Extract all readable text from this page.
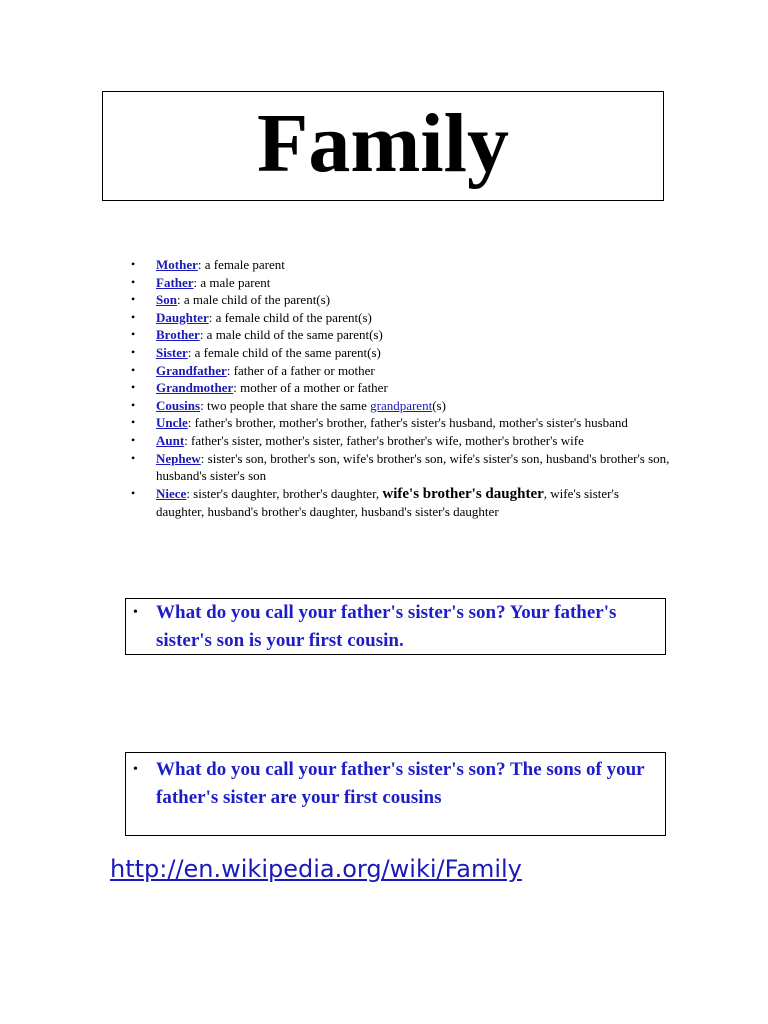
Family
• Mother: a female parent
• Father: a male parent
• Son: a male child of the parent(s)
• Daughter: a female child of the parent(s)
• Brother: a male child of the same parent(s)
• Sister: a female child of the same parent(s)
• Grandfather: father of a father or mother
• Grandmother: mother of a mother or father
• Cousins: two people that share the same grandparent(s)
• Uncle: father's brother, mother's brother, father's sister's husband, mother's sister's husband
• Aunt: father's sister, mother's sister, father's brother's wife, mother's brother's wife
• Nephew: sister's son, brother's son, wife's brother's son, wife's sister's son, husband's brother's son, husband's sister's son
• Niece: sister's daughter, brother's daughter, wife's brother's daughter, wife's sister's daughter, husband's brother's daughter, husband's sister's daughter
• What do you call your father's sister's son? Your father's sister's son is your first cousin.
• What do you call your father's sister's son? The sons of your father's sister are your first cousins
http://en.wikipedia.org/wiki/Family
